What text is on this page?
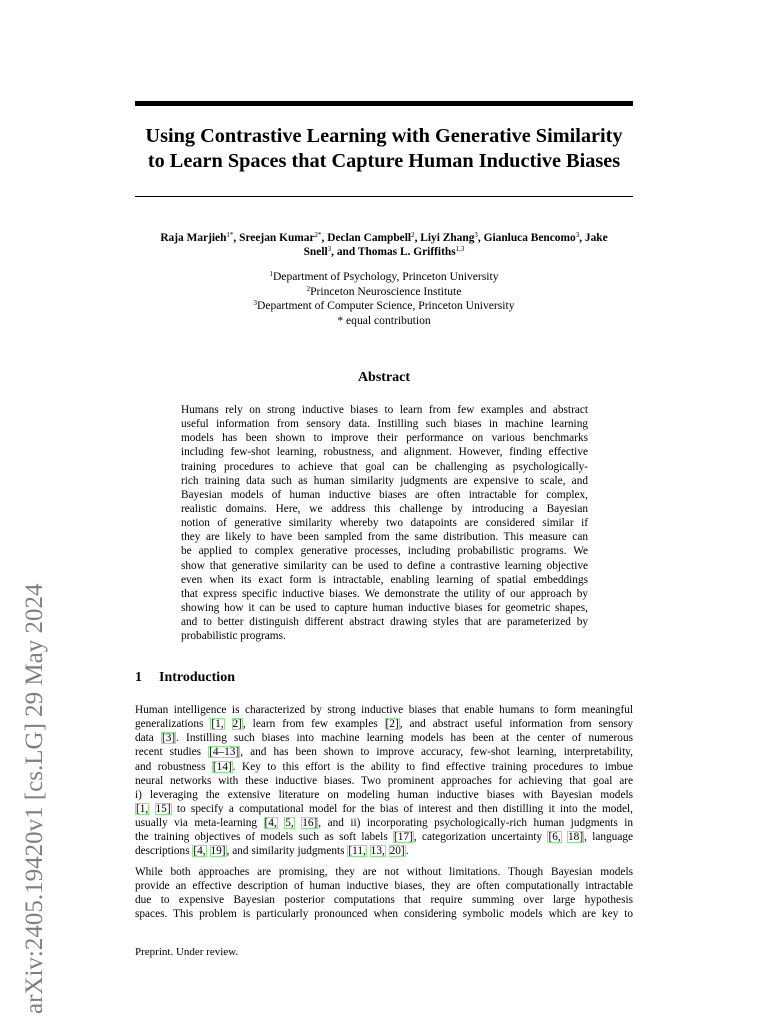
arXiv:2405.19420v1 [cs.LG] 29 May 2024
Using Contrastive Learning with Generative Similarity
to Learn Spaces that Capture Human Inductive Biases
Raja Marjieh$^{1*}$, Sreejan Kumar$^{2*}$, Declan Campbell$^2$, Liyi Zhang$^3$, Gianluca Bencomo$^3$, Jake
Snell$^3$, and Thomas L. Griffiths$^{1,3}$
$^1$Department of Psychology, Princeton University
$^2$Princeton Neuroscience Institute
$^3$Department of Computer Science, Princeton University
* equal contribution
Abstract
Humans rely on strong inductive biases to learn from few examples and abstract
useful information from sensory data. Instilling such biases in machine learning
models has been shown to improve their performance on various benchmarks
including few-shot learning, robustness, and alignment. However, finding effective
training procedures to achieve that goal can be challenging as psychologically-
rich training data such as human similarity judgments are expensive to scale, and
Bayesian models of human inductive biases are often intractable for complex,
realistic domains. Here, we address this challenge by introducing a Bayesian
notion of generative similarity whereby two datapoints are considered similar if
they are likely to have been sampled from the same distribution. This measure can
be applied to complex generative processes, including probabilistic programs. We
show that generative similarity can be used to define a contrastive learning objective
even when its exact form is intractable, enabling learning of spatial embeddings
that express specific inductive biases. We demonstrate the utility of our approach by
showing how it can be used to capture human inductive biases for geometric shapes,
and to better distinguish different abstract drawing styles that are parameterized by
probabilistic programs.
1 Introduction
Human intelligence is characterized by strong inductive biases that enable humans to form meaningful
generalizations [1, 2], learn from few examples [2], and abstract useful information from sensory
data [3]. Instilling such biases into machine learning models has been at the center of numerous
recent studies [4–13], and has been shown to improve accuracy, few-shot learning, interpretability,
and robustness [14]. Key to this effort is the ability to find effective training procedures to imbue
neural networks with these inductive biases. Two prominent approaches for achieving that goal are
i) leveraging the extensive literature on modeling human inductive biases with Bayesian models
[1, 15] to specify a computational model for the bias of interest and then distilling it into the model,
usually via meta-learning [4, 5, 16], and ii) incorporating psychologically-rich human judgments in
the training objectives of models such as soft labels [17], categorization uncertainty [6, 18], language
descriptions [4, 19], and similarity judgments [11, 13, 20].
While both approaches are promising, they are not without limitations. Though Bayesian models
provide an effective description of human inductive biases, they are often computationally intractable
due to expensive Bayesian posterior computations that require summing over large hypothesis
spaces. This problem is particularly pronounced when considering symbolic models which are key to
Preprint. Under review.
